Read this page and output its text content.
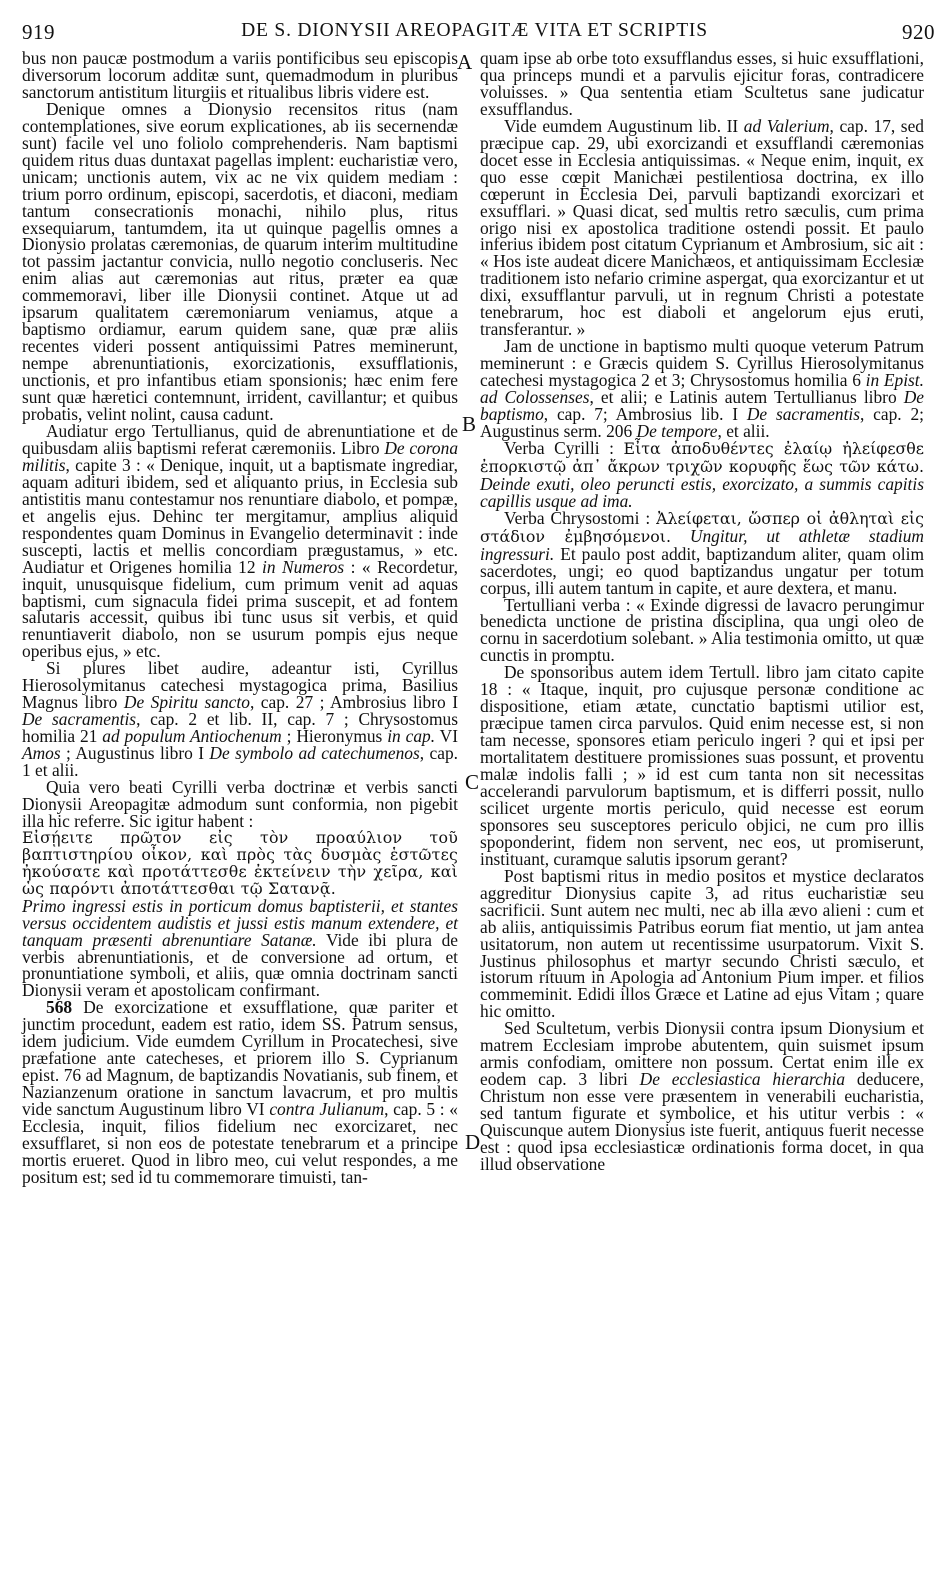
919	DE S. DIONYSII AREOPAGITÆ VITA ET SCRIPTIS	920
A
B
C
D

bus non paucæ postmodum a variis pontificibus seu episcopis diversorum locorum additæ sunt, quemadmodum in pluribus sanctorum antistitum liturgiis et ritualibus libris videre est.

Denique omnes a Dionysio recensitos ritus (nam contemplationes, sive eorum explicationes, ab iis secernendæ sunt) facile vel uno foliolo comprehenderis. Nam baptismi quidem ritus duas duntaxat pagellas implent: eucharistiæ vero, unicam; unctionis autem, vix ac ne vix quidem mediam : trium porro ordinum, episcopi, sacerdotis, et diaconi, mediam tantum consecrationis monachi, nihilo plus, ritus exsequiarum, tantumdem, ita ut quinque pagellis omnes a Dionysio prolatas cæremonias, de quarum interim multitudine tot passim jactantur convicia, nullo negotio concluseris. Nec enim alias aut cæremonias aut ritus, præter ea quæ commemoravi, liber ille Dionysii continet. Atque ut ad ipsarum qualitatem cæremoniarum veniamus, atque a baptismo ordiamur, earum quidem sane, quæ præ aliis recentes videri possent antiquissimi Patres meminerunt, nempe abrenuntiationis, exorcizationis, exsufflationis, unctionis, et pro infantibus etiam sponsionis; hæc enim fere sunt quæ hæretici contemnunt, irrident, cavillantur; et quibus probatis, velint nolint, causa cadunt.

Audiatur ergo Tertullianus, quid de abrenuntiatione et de quibusdam aliis baptismi referat cæremoniis. Libro De corona militis, capite 3 : « Denique, inquit, ut a baptismate ingrediar, aquam adituri ibidem, sed et aliquanto prius, in Ecclesia sub antistitis manu contestamur nos renuntiare diabolo, et pompæ, et angelis ejus. Dehinc ter mergitamur, amplius aliquid respondentes quam Dominus in Evangelio determinavit : inde suscepti, lactis et mellis concordiam prægustamus, » etc. Audiatur et Origenes homilia 12 in Numeros : « Recordetur, inquit, unusquisque fidelium, cum primum venit ad aquas baptismi, cum signacula fidei prima suscepit, et ad fontem salutaris accessit, quibus ibi tunc usus sit verbis, et quid renuntiaverit diabolo, non se usurum pompis ejus neque operibus ejus, » etc.

Si plures libet audire, adeantur isti, Cyrillus Hierosolymitanus catechesi mystagogica prima, Basilius Magnus libro De Spiritu sancto, cap. 27 ; Ambrosius libro I De sacramentis, cap. 2 et lib. II, cap. 7 ; Chrysostomus homilia 21 ad populum Antiochenum ; Hieronymus in cap. VI Amos ; Augustinus libro I De symbolo ad catechumenos, cap. 1 et alii.

Quia vero beati Cyrilli verba doctrinæ et verbis sancti Dionysii Areopagitæ admodum sunt conformia, non pigebit illa hic referre. Sic igitur habent :

Εἰσῄειτε πρῶτον εἰς τὸν προαύλιον τοῦ βαπτιστηρίου οἶκον, καὶ πρὸς τὰς δυσμὰς ἑστῶτες ἠκούσατε καὶ προτάττεσθε ἐκτείνειν τὴν χεῖρα, καὶ ὡς παρόντι ἀποτάττεσθαι τῷ Σατανᾷ.

Primo ingressi estis in porticum domus baptisterii, et stantes versus occidentem audistis et jussi estis manum extendere, et tanquam præsenti abrenuntiare Satanæ. Vide ibi plura de verbis abrenuntiationis, et de conversione ad ortum, et pronuntiatione symboli, et aliis, quæ omnia doctrinam sancti Dionysii veram et apostolicam confirmant.

568 De exorcizatione et exsufflatione, quæ pariter et junctim procedunt, eadem est ratio, idem SS. Patrum sensus, idem judicium. Vide eumdem Cyrillum in Procatechesi, sive præfatione ante catecheses, et priorem illo S. Cyprianum epist. 76 ad Magnum, de baptizandis Novatianis, sub finem, et Nazianzenum oratione in sanctum lavacrum, et pro multis vide sanctum Augustinum libro VI contra Julianum, cap. 5 : « Ecclesia, inquit, filios fidelium nec exorcizaret, nec exsufflaret, si non eos de potestate tenebrarum et a principe mortis erueret. Quod in libro meo, cui velut respondes, a me positum est; sed id tu commemorare timuisti, tan-

quam ipse ab orbe toto exsufflandus esses, si huic exsufflationi, qua princeps mundi et a parvulis ejicitur foras, contradicere voluisses. » Qua sententia etiam Scultetus sane judicatur exsufflandus.

Vide eumdem Augustinum lib. II ad Valerium, cap. 17, sed præcipue cap. 29, ubi exorcizandi et exsufflandi cæremonias docet esse in Ecclesia antiquissimas. « Neque enim, inquit, ex quo esse cœpit Manichæi pestilentiosa doctrina, ex illo cœperunt in Ecclesia Dei, parvuli baptizandi exorcizari et exsufflari. » Quasi dicat, sed multis retro sæculis, cum prima origo nisi ex apostolica traditione ostendi possit. Et paulo inferius ibidem post citatum Cyprianum et Ambrosium, sic ait : « Hos iste audeat dicere Manichæos, et antiquissimam Ecclesiæ traditionem isto nefario crimine aspergat, qua exorcizantur et ut dixi, exsufflantur parvuli, ut in regnum Christi a potestate tenebrarum, hoc est diaboli et angelorum ejus eruti, transferantur. »

Jam de unctione in baptismo multi quoque veterum Patrum meminerunt : e Græcis quidem S. Cyrillus Hierosolymitanus catechesi mystagogica 2 et 3; Chrysostomus homilia 6 in Epist. ad Colossenses, et alii; e Latinis autem Tertullianus libro De baptismo, cap. 7; Ambrosius lib. I De sacramentis, cap. 2; Augustinus serm. 206 De tempore, et alii.

Verba Cyrilli : Εἶτα ἀποδυθέντες ἐλαίῳ ἠλείφεσθε ἐπορκιστῷ ἀπ᾽ ἄκρων τριχῶν κορυφῆς ἕως τῶν κάτω. Deinde exuti, oleo peruncti estis, exorcizato, a summis capitis capillis usque ad ima.

Verba Chrysostomi : Ἀλείφεται, ὥσπερ οἱ ἀθληταὶ εἰς στάδιον ἐμβησόμενοι. Ungitur, ut athletæ stadium ingressuri. Et paulo post addit, baptizandum aliter, quam olim sacerdotes, ungi; eo quod baptizandus ungatur per totum corpus, illi autem tantum in capite, et aure dextera, et manu.

Tertulliani verba : « Exinde digressi de lavacro perungimur benedicta unctione de pristina disciplina, qua ungi oleo de cornu in sacerdotium solebant. » Alia testimonia omitto, ut quæ cunctis in promptu.

De sponsoribus autem idem Tertull. libro jam citato capite 18 : « Itaque, inquit, pro cujusque personæ conditione ac dispositione, etiam ætate, cunctatio baptismi utilior est, præcipue tamen circa parvulos. Quid enim necesse est, si non tam necesse, sponsores etiam periculo ingeri ? qui et ipsi per mortalitatem destituere promissiones suas possunt, et proventu malæ indolis falli ; » id est cum tanta non sit necessitas accelerandi parvulorum baptismum, et is differri possit, nullo scilicet urgente mortis periculo, quid necesse est eorum sponsores seu susceptores periculo objici, ne cum pro illis spoponderint, fidem non servent, nec eos, ut promiserunt, instituant, curamque salutis ipsorum gerant?

Post baptismi ritus in medio positos et mystice declaratos aggreditur Dionysius capite 3, ad ritus eucharistiæ seu sacrificii. Sunt autem nec multi, nec ab illa ævo alieni : cum et ab aliis, antiquissimis Patribus eorum fiat mentio, ut jam antea usitatorum, non autem ut recentissime usurpatorum. Vixit S. Justinus philosophus et martyr secundo Christi sæculo, et istorum rituum in Apologia ad Antonium Pium imper. et filios commeminit. Edidi illos Græce et Latine ad ejus Vitam ; quare hic omitto.

Sed Scultetum, verbis Dionysii contra ipsum Dionysium et matrem Ecclesiam improbe abutentem, quin suismet ipsum armis confodiam, omittere non possum. Certat enim ille ex eodem cap. 3 libri De ecclesiastica hierarchia deducere, Christum non esse vere præsentem in venerabili eucharistia, sed tantum figurate et symbolice, et his utitur verbis : « Quiscunque autem Dionysius iste fuerit, antiquus fuerit necesse est : quod ipsa ecclesiasticæ ordinationis forma docet, in qua illud observatione
